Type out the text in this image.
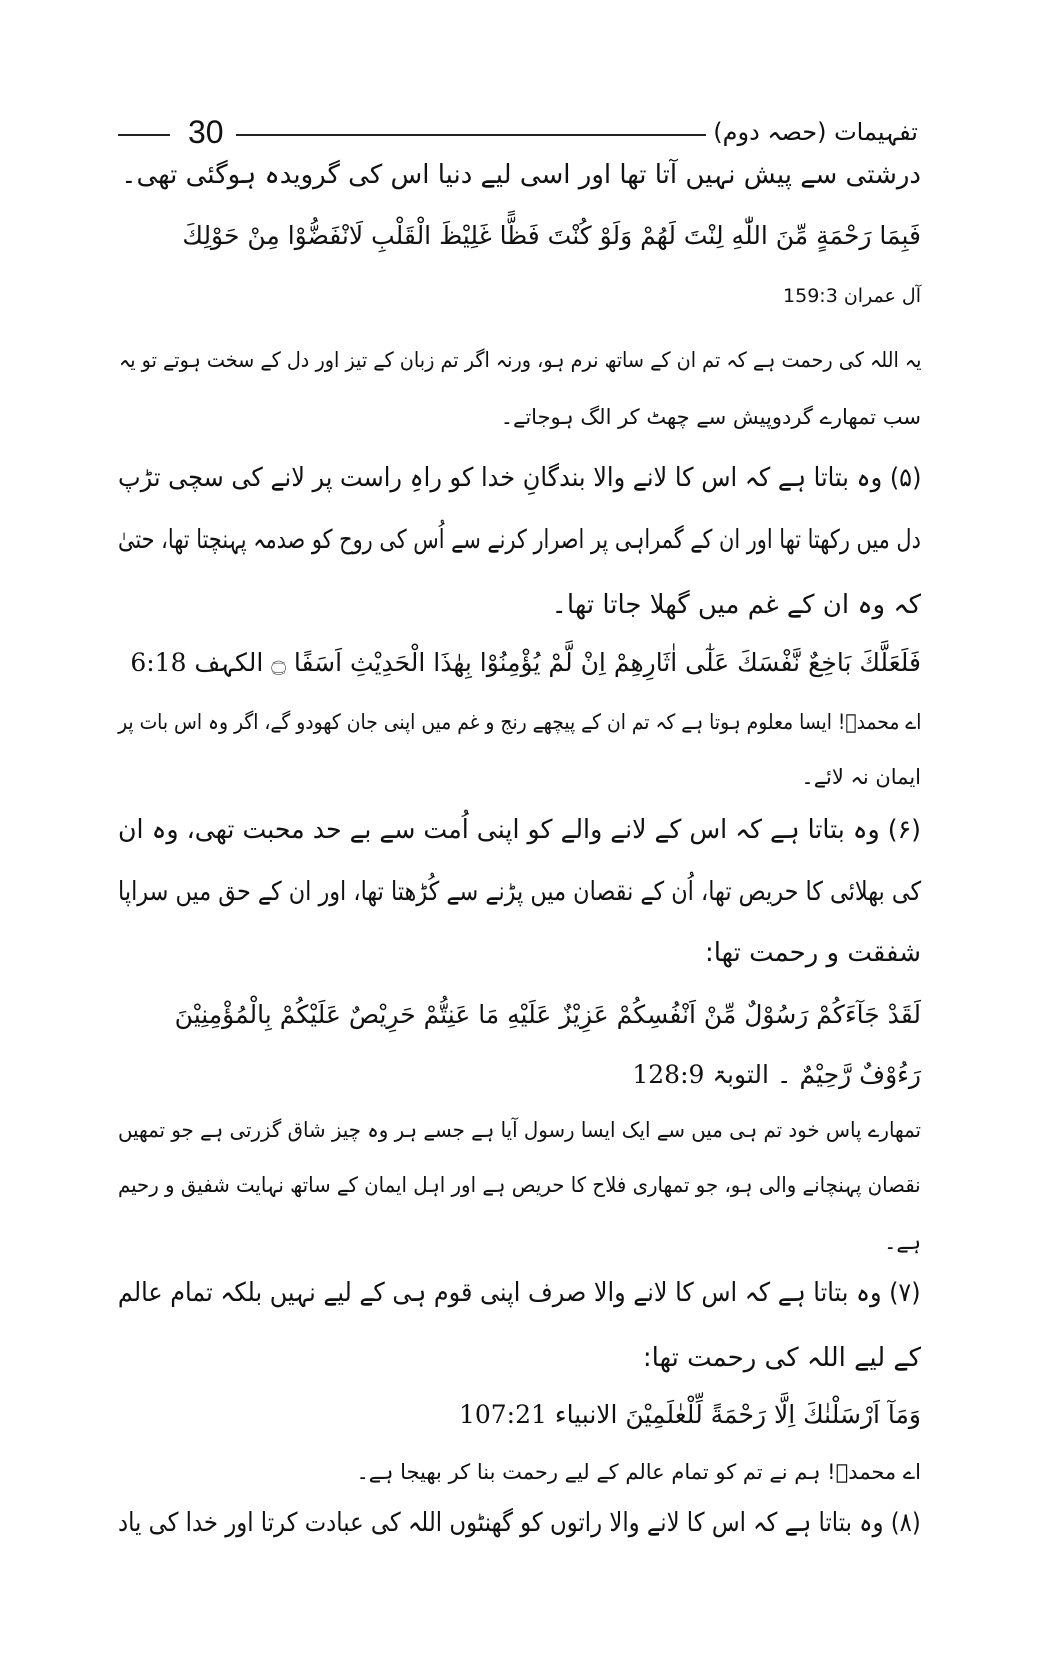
30	تفہیمات (حصہ دوم)
درشتی سے پیش نہیں آتا تھا اور اسی لیے دنیا اس کی گرویدہ ہوگئی تھی۔
فَبِمَا رَحْمَةٍ مِّنَ اللّٰهِ لِنْتَ لَهُمْ وَلَوْ كُنْتَ فَظًّا غَلِيْظَ الْقَلْبِ لَانْفَضُّوْا مِنْ حَوْلِكَ
آل عمران 159:3
یہ اللہ کی رحمت ہے کہ تم ان کے ساتھ نرم ہو، ورنہ اگر تم زبان کے تیز اور دل کے سخت ہوتے تو یہ
سب تمھارے گردوپیش سے چھٹ کر الگ ہوجاتے۔
(۵) وہ بتاتا ہے کہ اس کا لانے والا بندگانِ خدا کو راہِ راست پر لانے کی سچی تڑپ
دل میں رکھتا تھا اور ان کے گمراہی پر اصرار کرنے سے اُس کی روح کو صدمہ پہنچتا تھا، حتیٰ
کہ وہ ان کے غم میں گھلا جاتا تھا۔
فَلَعَلَّكَ بَاخِعٌ نَّفْسَكَ عَلٰٓى اٰثَارِهِمْ اِنْ لَّمْ يُؤْمِنُوْا بِهٰذَا الْحَدِيْثِ اَسَفًا ۝ الکہف 6:18
اے محمدؐ! ایسا معلوم ہوتا ہے کہ تم ان کے پیچھے رنج و غم میں اپنی جان کھودو گے، اگر وہ اس بات پر
ایمان نہ لائے۔
(۶) وہ بتاتا ہے کہ اس کے لانے والے کو اپنی اُمت سے بے حد محبت تھی، وہ ان
کی بھلائی کا حریص تھا، اُن کے نقصان میں پڑنے سے کُڑھتا تھا، اور ان کے حق میں سراپا
شفقت و رحمت تھا:
لَقَدْ جَآءَكُمْ رَسُوْلٌ مِّنْ اَنْفُسِكُمْ عَزِيْزٌ عَلَيْهِ مَا عَنِتُّمْ حَرِيْصٌ عَلَيْكُمْ بِالْمُؤْمِنِيْنَ
رَءُوْفٌ رَّحِيْمٌ ۔ التوبۃ 128:9
تمھارے پاس خود تم ہی میں سے ایک ایسا رسول آیا ہے جسے ہر وہ چیز شاق گزرتی ہے جو تمھیں
نقصان پہنچانے والی ہو، جو تمھاری فلاح کا حریص ہے اور اہل ایمان کے ساتھ نہایت شفیق و رحیم
ہے۔
(۷) وہ بتاتا ہے کہ اس کا لانے والا صرف اپنی قوم ہی کے لیے نہیں بلکہ تمام عالم
کے لیے اللہ کی رحمت تھا:
وَمَآ اَرْسَلْنٰكَ اِلَّا رَحْمَةً لِّلْعٰلَمِيْنَ الانبیاء 107:21
اے محمدؐ! ہم نے تم کو تمام عالم کے لیے رحمت بنا کر بھیجا ہے۔
(۸) وہ بتاتا ہے کہ اس کا لانے والا راتوں کو گھنٹوں اللہ کی عبادت کرتا اور خدا کی یاد
